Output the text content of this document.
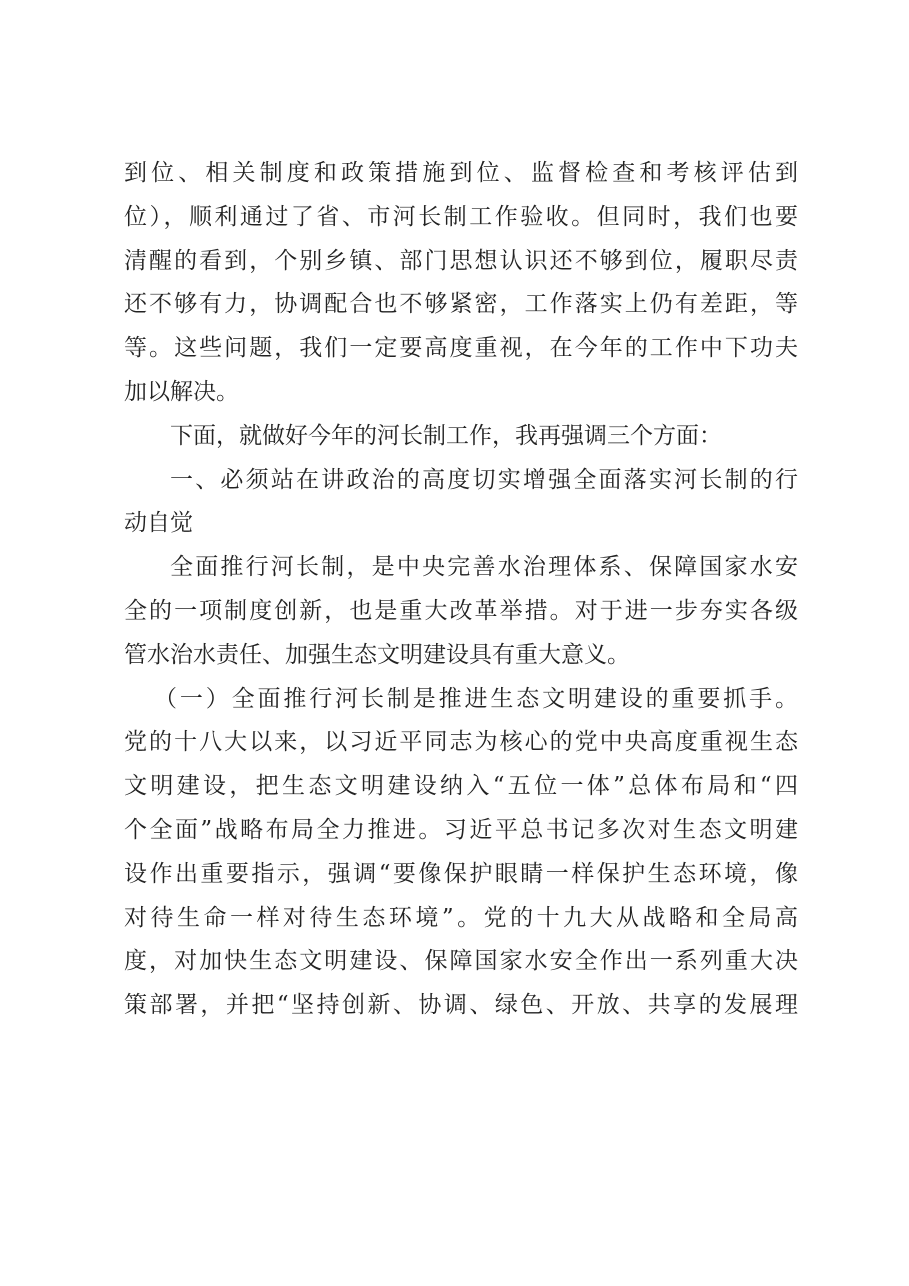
到位、相关制度和政策措施到位、监督检查和考核评估到
位），顺利通过了省、市河长制工作验收。但同时，我们也要
清醒的看到，个别乡镇、部门思想认识还不够到位，履职尽责
还不够有力，协调配合也不够紧密，工作落实上仍有差距，等
等。这些问题，我们一定要高度重视，在今年的工作中下功夫
加以解决。
下面，就做好今年的河长制工作，我再强调三个方面：
一、必须站在讲政治的高度切实增强全面落实河长制的行
动自觉
全面推行河长制，是中央完善水治理体系、保障国家水安
全的一项制度创新，也是重大改革举措。对于进一步夯实各级
管水治水责任、加强生态文明建设具有重大意义。
（一）全面推行河长制是推进生态文明建设的重要抓手。
党的十八大以来，以习近平同志为核心的党中央高度重视生态
文明建设，把生态文明建设纳入“五位一体”总体布局和“四
个全面”战略布局全力推进。习近平总书记多次对生态文明建
设作出重要指示，强调“要像保护眼睛一样保护生态环境，像
对待生命一样对待生态环境”。党的十九大从战略和全局高
度，对加快生态文明建设、保障国家水安全作出一系列重大决
策部署，并把“坚持创新、协调、绿色、开放、共享的发展理
